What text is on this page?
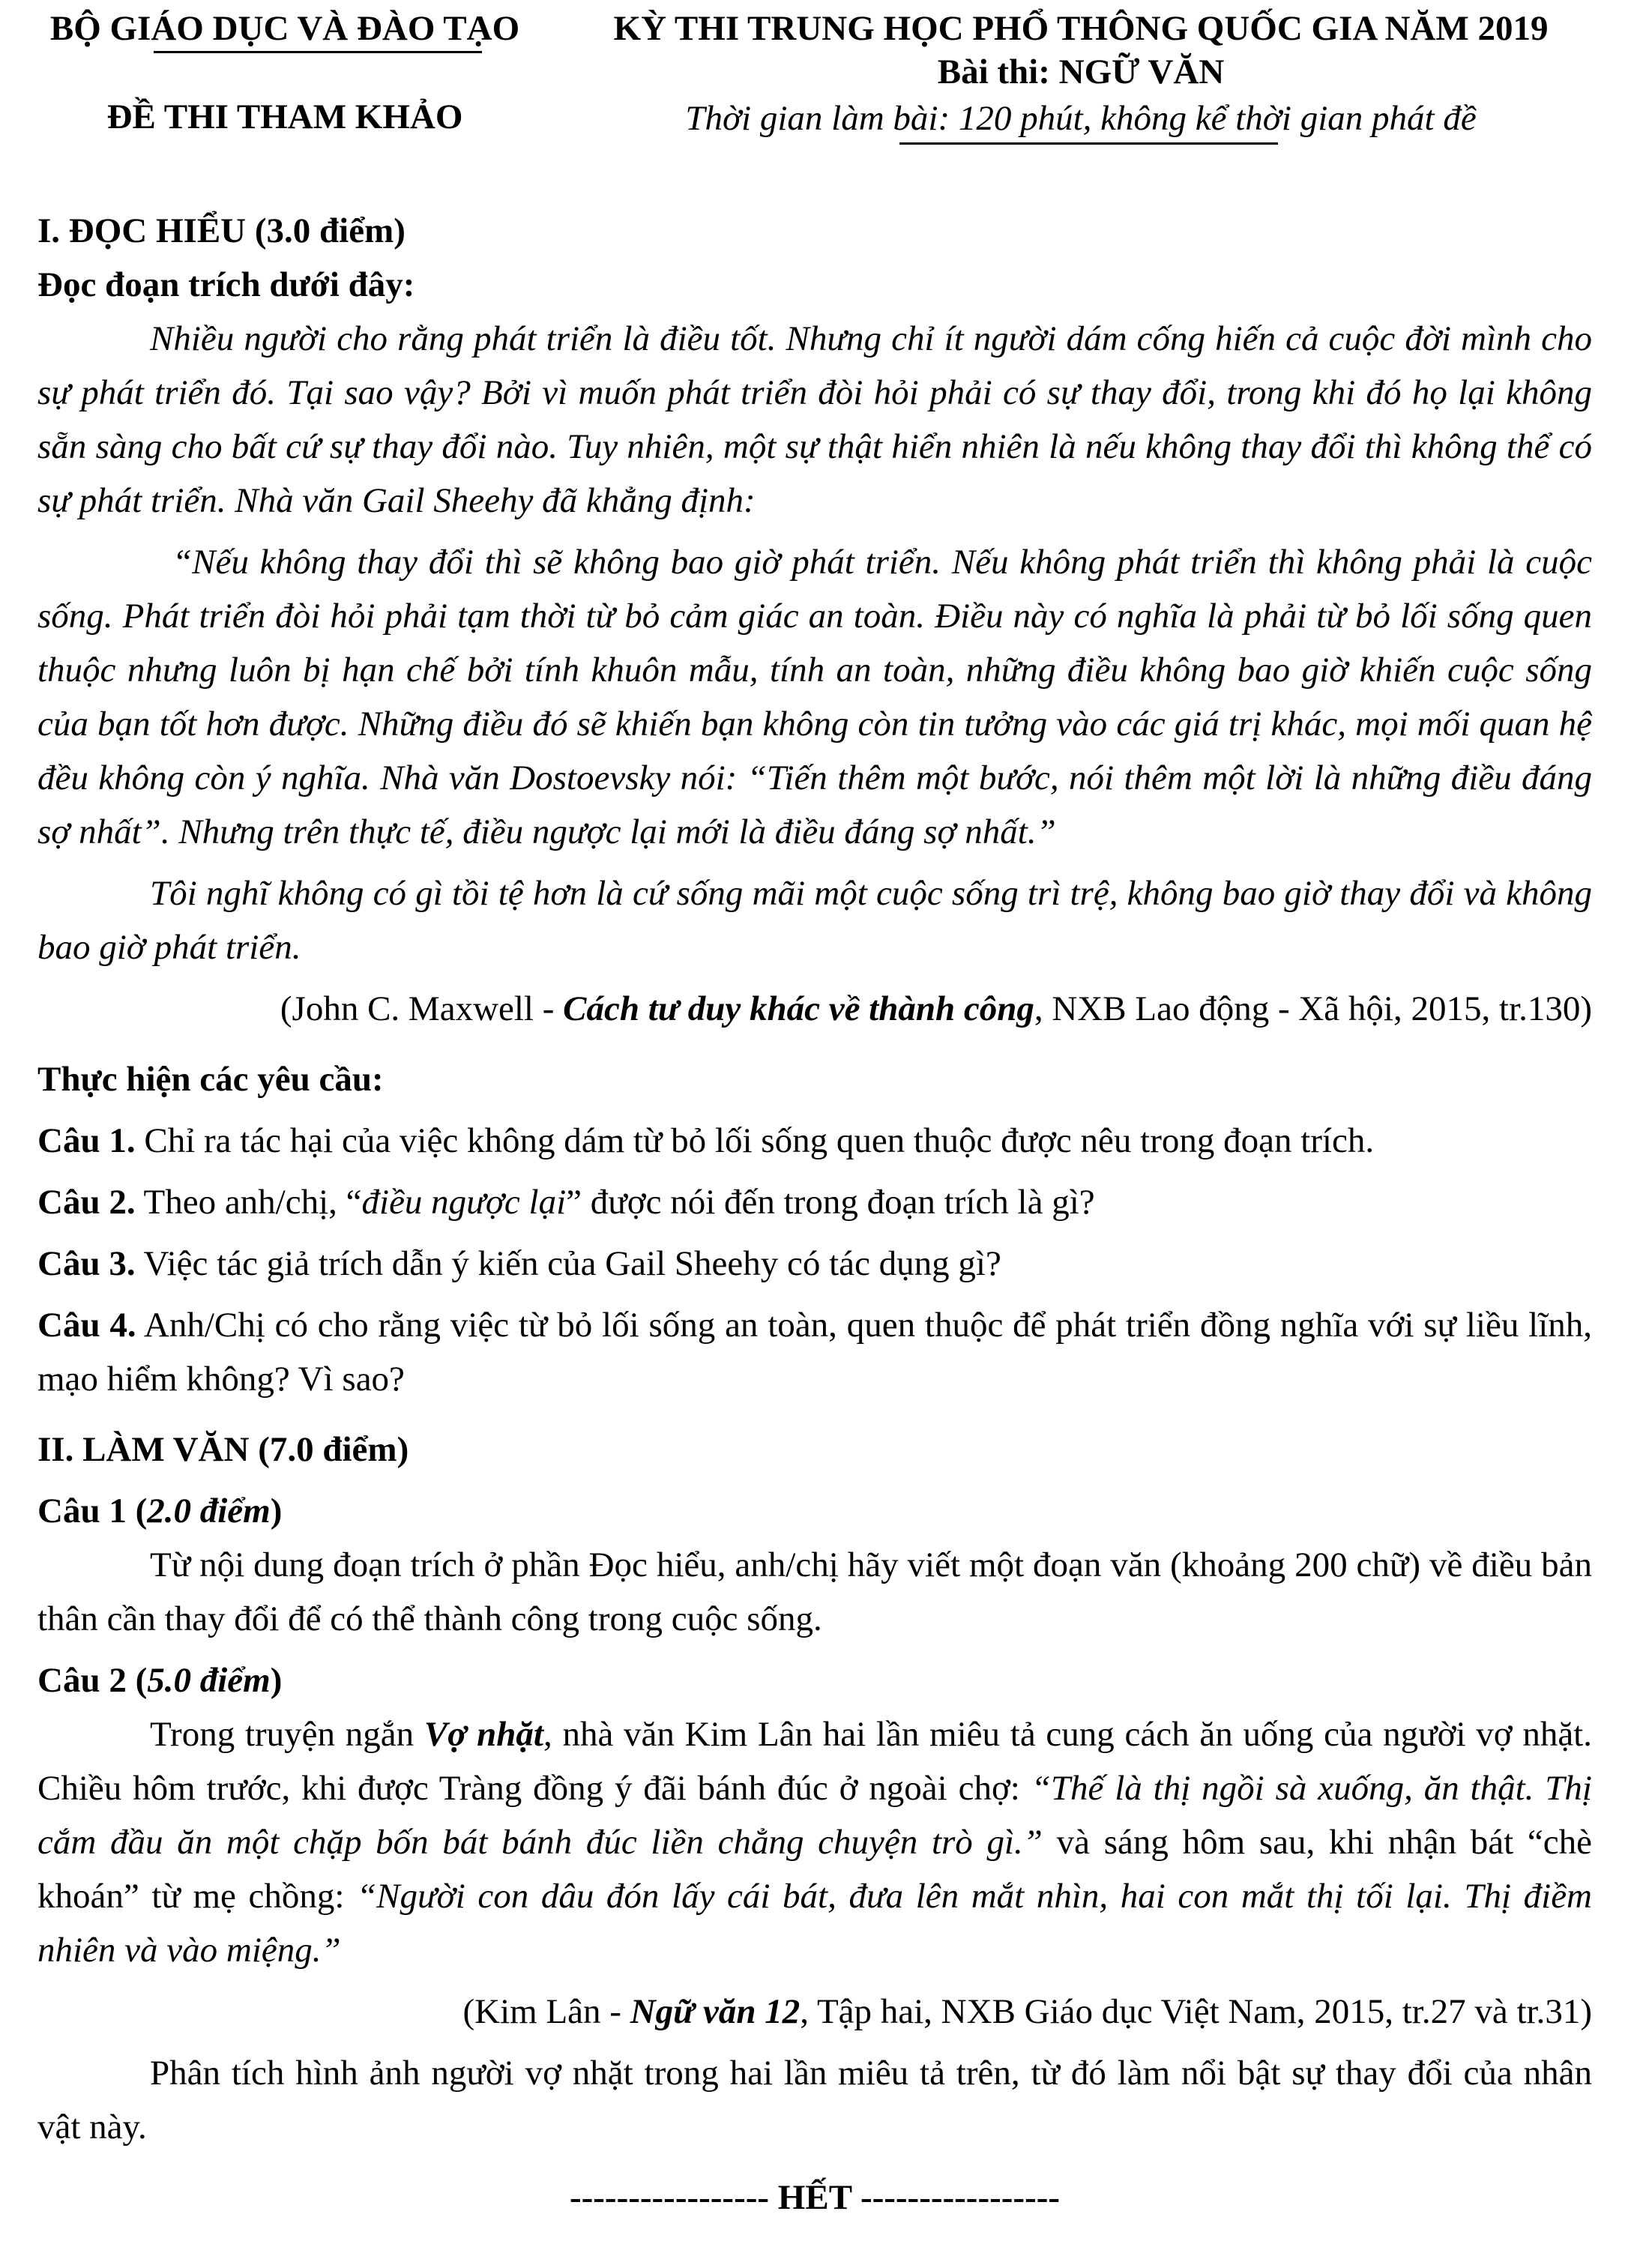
BỘ GIÁO DỤC VÀ ĐÀO TẠO
ĐỀ THI THAM KHẢO
KỲ THI TRUNG HỌC PHỔ THÔNG QUỐC GIA NĂM 2019
Bài thi: NGỮ VĂN
Thời gian làm bài: 120 phút, không kể thời gian phát đề

I. ĐỌC HIỂU (3.0 điểm)

Đọc đoạn trích dưới đây:

Nhiều người cho rằng phát triển là điều tốt. Nhưng chỉ ít người dám cống hiến cả cuộc đời mình cho sự phát triển đó. Tại sao vậy? Bởi vì muốn phát triển đòi hỏi phải có sự thay đổi, trong khi đó họ lại không sẵn sàng cho bất cứ sự thay đổi nào. Tuy nhiên, một sự thật hiển nhiên là nếu không thay đổi thì không thể có sự phát triển. Nhà văn Gail Sheehy đã khẳng định:

“Nếu không thay đổi thì sẽ không bao giờ phát triển. Nếu không phát triển thì không phải là cuộc sống. Phát triển đòi hỏi phải tạm thời từ bỏ cảm giác an toàn. Điều này có nghĩa là phải từ bỏ lối sống quen thuộc nhưng luôn bị hạn chế bởi tính khuôn mẫu, tính an toàn, những điều không bao giờ khiến cuộc sống của bạn tốt hơn được. Những điều đó sẽ khiến bạn không còn tin tưởng vào các giá trị khác, mọi mối quan hệ đều không còn ý nghĩa. Nhà văn Dostoevsky nói: “Tiến thêm một bước, nói thêm một lời là những điều đáng sợ nhất”. Nhưng trên thực tế, điều ngược lại mới là điều đáng sợ nhất.”

Tôi nghĩ không có gì tồi tệ hơn là cứ sống mãi một cuộc sống trì trệ, không bao giờ thay đổi và không bao giờ phát triển.

(John C. Maxwell - Cách tư duy khác về thành công, NXB Lao động - Xã hội, 2015, tr.130)

Thực hiện các yêu cầu:

Câu 1. Chỉ ra tác hại của việc không dám từ bỏ lối sống quen thuộc được nêu trong đoạn trích.

Câu 2. Theo anh/chị, “điều ngược lại” được nói đến trong đoạn trích là gì?

Câu 3. Việc tác giả trích dẫn ý kiến của Gail Sheehy có tác dụng gì?

Câu 4. Anh/Chị có cho rằng việc từ bỏ lối sống an toàn, quen thuộc để phát triển đồng nghĩa với sự liều lĩnh, mạo hiểm không? Vì sao?

II. LÀM VĂN (7.0 điểm)

Câu 1 (2.0 điểm)

Từ nội dung đoạn trích ở phần Đọc hiểu, anh/chị hãy viết một đoạn văn (khoảng 200 chữ) về điều bản thân cần thay đổi để có thể thành công trong cuộc sống.

Câu 2 (5.0 điểm)

Trong truyện ngắn Vợ nhặt, nhà văn Kim Lân hai lần miêu tả cung cách ăn uống của người vợ nhặt. Chiều hôm trước, khi được Tràng đồng ý đãi bánh đúc ở ngoài chợ: “Thế là thị ngồi sà xuống, ăn thật. Thị cắm đầu ăn một chặp bốn bát bánh đúc liền chẳng chuyện trò gì.” và sáng hôm sau, khi nhận bát “chè khoán” từ mẹ chồng: “Người con dâu đón lấy cái bát, đưa lên mắt nhìn, hai con mắt thị tối lại. Thị điềm nhiên và vào miệng.”

(Kim Lân - Ngữ văn 12, Tập hai, NXB Giáo dục Việt Nam, 2015, tr.27 và tr.31)

Phân tích hình ảnh người vợ nhặt trong hai lần miêu tả trên, từ đó làm nổi bật sự thay đổi của nhân vật này.

----------------- HẾT -----------------
